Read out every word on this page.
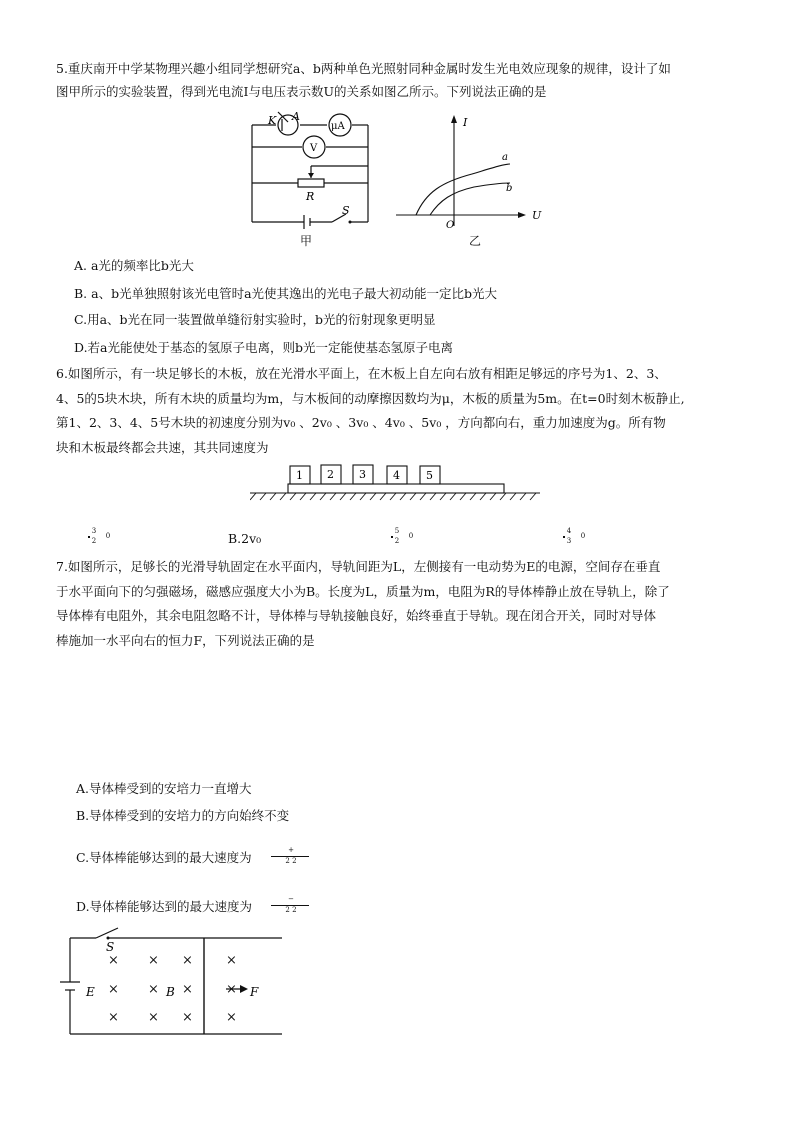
5.重庆南开中学某物理兴趣小组同学想研究a、b两种单色光照射同种金属时发生光电效应现象的规律，设计了如
图甲所示的实验装置，得到光电流I与电压表示数U的关系如图乙所示。下列说法正确的是
K A
μA
V
R
S
甲
I
U
O
a
b
乙
A. a光的频率比b光大
B. a、b光单独照射该光电管时a光使其逸出的光电子最大初动能一定比b光大
C.用a、b光在同一装置做单缝衍射实验时，b光的衍射现象更明显
D.若a光能使处于基态的氢原子电离，则b光一定能使基态氢原子电离
6.如图所示，有一块足够长的木板，放在光滑水平面上，在木板上自左向右放有相距足够远的序号为1、2、3、
4、5的5块木块，所有木块的质量均为m，与木板间的动摩擦因数均为μ，木板的质量为5m。在t=0时刻木板静止,
第1、2、3、4、5号木块的初速度分别为v₀ 、2v₀ 、3v₀ 、4v₀ 、5v₀ ，方向都向右，重力加速度为g。所有物
块和木板最终都会共速，其共同速度为
1 2 3 4 5
3
2
0	B.2v₀	5
2
0
4
3
0
7.如图所示，足够长的光滑导轨固定在水平面内，导轨间距为L，左侧接有一电动势为E的电源，空间存在垂直
于水平面向下的匀强磁场，磁感应强度大小为B。长度为L，质量为m，电阻为R的导体棒静止放在导轨上，除了
导体棒有电阻外，其余电阻忽略不计，导体棒与导轨接触良好，始终垂直于导轨。现在闭合开关，同时对导体
棒施加一水平向右的恒力F，下列说法正确的是
A.导体棒受到的安培力一直增大
B.导体棒受到的安培力的方向始终不变
C.导体棒能够达到的最大速度为	+
2 2
D.导体棒能够达到的最大速度为	−
2 2
S
E	B	F
× × ×	×
× × ×	×
× × ×	×
